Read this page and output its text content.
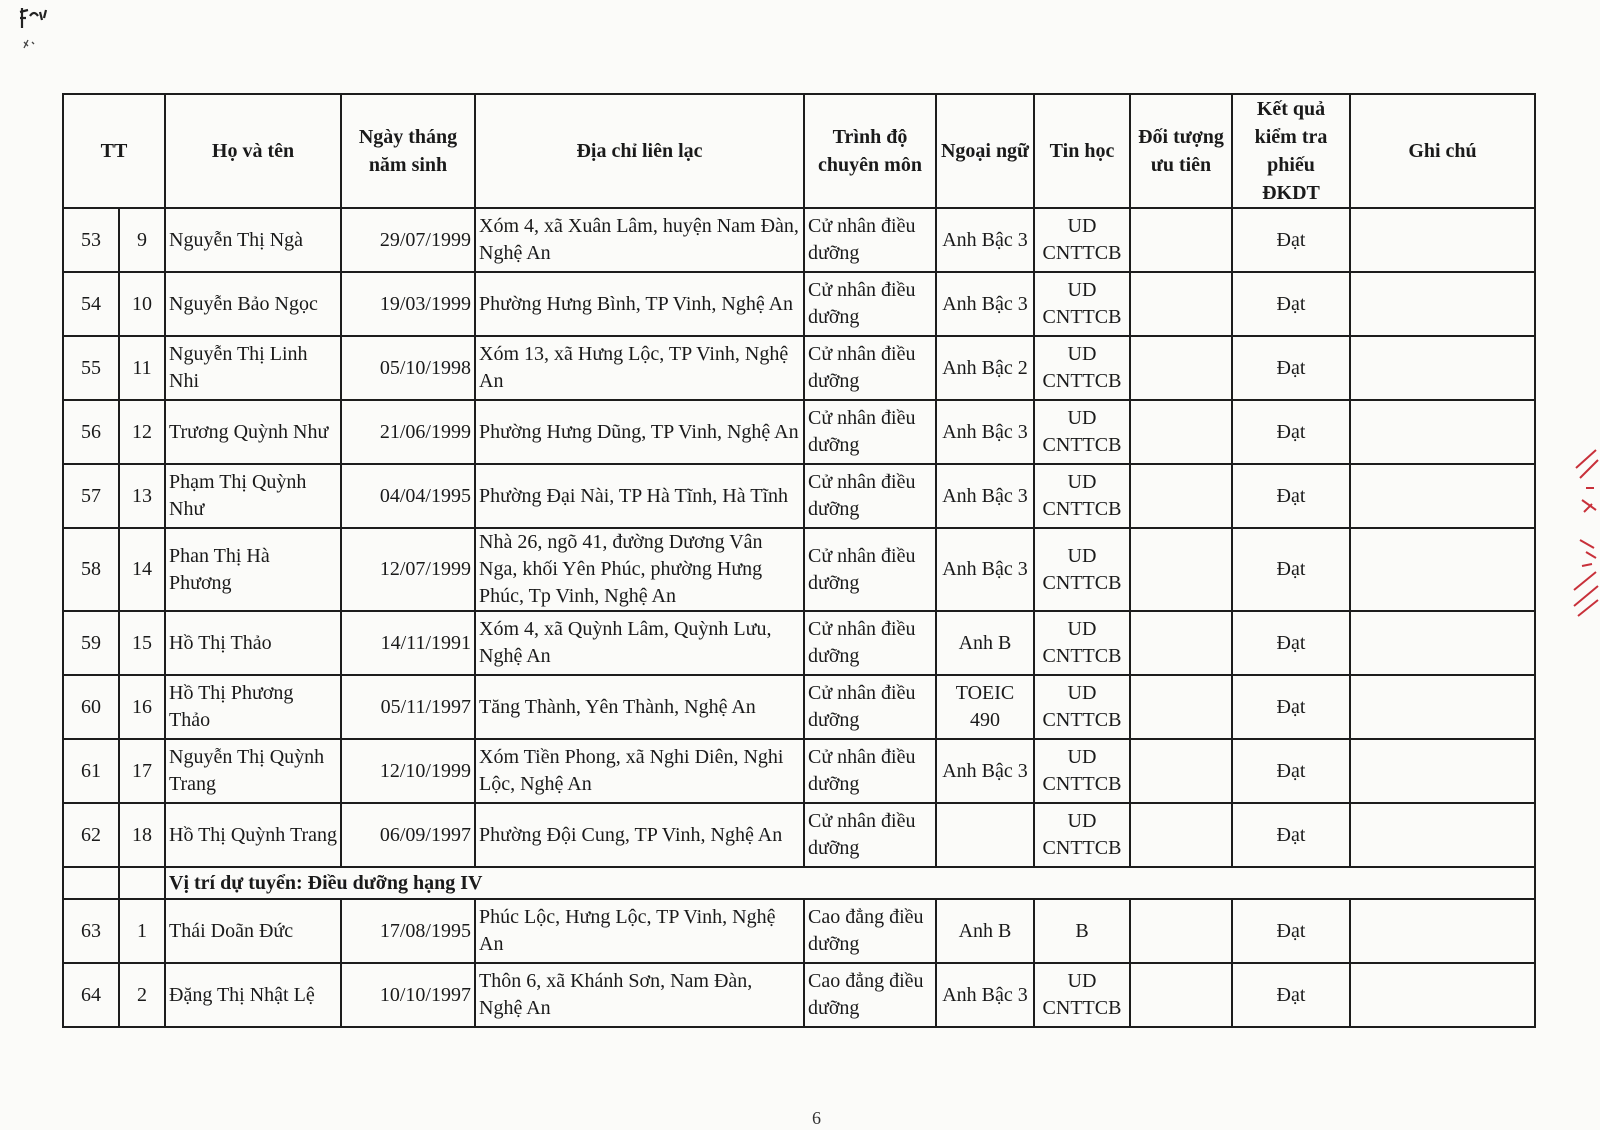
TT		Họ và tên	Ngày tháng năm sinh	Địa chỉ liên lạc	Trình độ chuyên môn	Ngoại ngữ	Tin học	Đối tượng ưu tiên	Kết quả kiểm tra phiếu ĐKDT	Ghi chú
53	9	Nguyễn Thị Ngà	29/07/1999	Xóm 4, xã Xuân Lâm, huyện Nam Đàn, Nghệ An	Cử nhân điều dưỡng	Anh Bậc 3	UD CNTTCB		Đạt	
54	10	Nguyễn Bảo Ngọc	19/03/1999	Phường Hưng Bình, TP Vinh, Nghệ An	Cử nhân điều dưỡng	Anh Bậc 3	UD CNTTCB		Đạt	
55	11	Nguyễn Thị Linh Nhi	05/10/1998	Xóm 13, xã Hưng Lộc, TP Vinh, Nghệ An	Cử nhân điều dưỡng	Anh Bậc 2	UD CNTTCB		Đạt	
56	12	Trương Quỳnh Như	21/06/1999	Phường Hưng Dũng, TP Vinh, Nghệ An	Cử nhân điều dưỡng	Anh Bậc 3	UD CNTTCB		Đạt	
57	13	Phạm Thị Quỳnh Như	04/04/1995	Phường Đại Nài, TP Hà Tĩnh, Hà Tĩnh	Cử nhân điều dưỡng	Anh Bậc 3	UD CNTTCB		Đạt	
58	14	Phan Thị Hà Phương	12/07/1999	Nhà 26, ngõ 41, đường Dương Vân Nga, khối Yên Phúc, phường Hưng Phúc, Tp Vinh, Nghệ An	Cử nhân điều dưỡng	Anh Bậc 3	UD CNTTCB		Đạt	
59	15	Hồ Thị Thảo	14/11/1991	Xóm 4, xã Quỳnh Lâm, Quỳnh Lưu, Nghệ An	Cử nhân điều dưỡng	Anh B	UD CNTTCB		Đạt	
60	16	Hồ Thị Phương Thảo	05/11/1997	Tăng Thành, Yên Thành, Nghệ An	Cử nhân điều dưỡng	TOEIC 490	UD CNTTCB		Đạt	
61	17	Nguyễn Thị Quỳnh Trang	12/10/1999	Xóm Tiền Phong, xã Nghi Diên, Nghi Lộc, Nghệ An	Cử nhân điều dưỡng	Anh Bậc 3	UD CNTTCB		Đạt	
62	18	Hồ Thị Quỳnh Trang	06/09/1997	Phường Đội Cung, TP Vinh, Nghệ An	Cử nhân điều dưỡng		UD CNTTCB		Đạt	
		Vị trí dự tuyển: Điều dưỡng hạng IV								
63	1	Thái Doãn Đức	17/08/1995	Phúc Lộc, Hưng Lộc, TP Vinh, Nghệ An	Cao đẳng điều dưỡng	Anh B	B		Đạt	
64	2	Đặng Thị Nhật Lệ	10/10/1997	Thôn 6, xã Khánh Sơn, Nam Đàn, Nghệ An	Cao đẳng điều dưỡng	Anh Bậc 3	UD CNTTCB		Đạt	
6
